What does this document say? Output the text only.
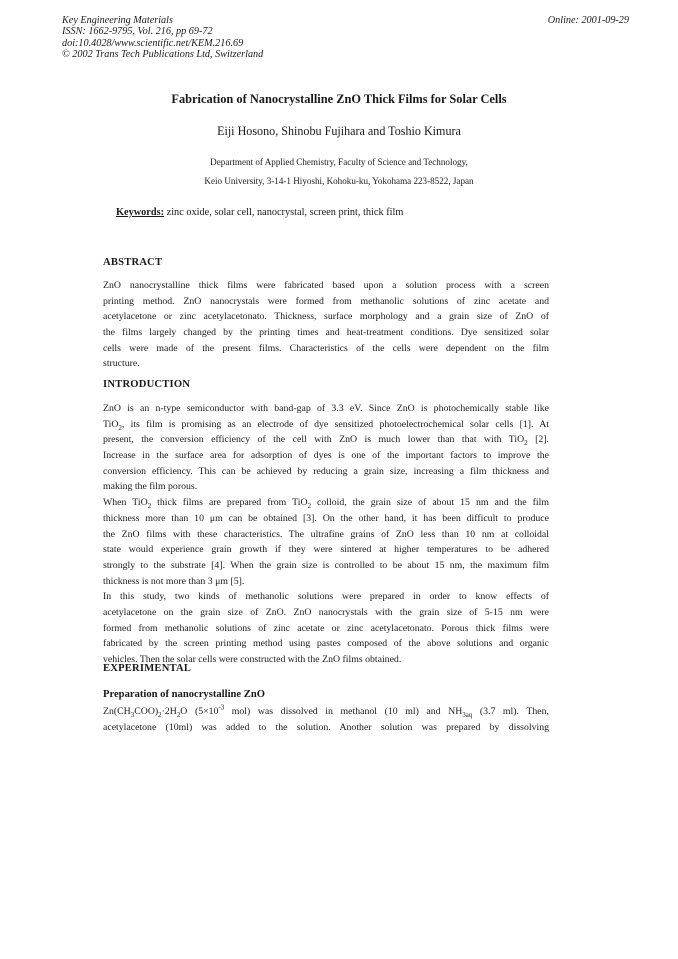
Key Engineering Materials
ISSN: 1662-9795, Vol. 216, pp 69-72
doi:10.4028/www.scientific.net/KEM.216.69
© 2002 Trans Tech Publications Ltd, Switzerland
Online: 2001-09-29
Fabrication of Nanocrystalline ZnO Thick Films for Solar Cells
Eiji Hosono, Shinobu Fujihara and Toshio Kimura
Department of Applied Chemistry, Faculty of Science and Technology,
Keio University, 3-14-1 Hiyoshi, Kohoku-ku, Yokohama 223-8522, Japan
Keywords: zinc oxide, solar cell, nanocrystal, screen print, thick film
ABSTRACT
ZnO nanocrystalline thick films were fabricated based upon a solution process with a screen
printing method. ZnO nanocrystals were formed from methanolic solutions of zinc acetate and
acetylacetone or zinc acetylacetonato. Thickness, surface morphology and a grain size of ZnO of
the films largely changed by the printing times and heat-treatment conditions. Dye sensitized solar
cells were made of the present films. Characteristics of the cells were dependent on the film
structure.
INTRODUCTION
ZnO is an n-type semiconductor with band-gap of 3.3 eV. Since ZnO is photochemically stable like
TiO$_2$, its film is promising as an electrode of dye sensitized photoelectrochemical solar cells [1]. At
present, the conversion efficiency of the cell with ZnO is much lower than that with TiO$_2$ [2].
Increase in the surface area for adsorption of dyes is one of the important factors to improve the
conversion efficiency. This can be achieved by reducing a grain size, increasing a film thickness and
making the film porous.
When TiO$_2$ thick films are prepared from TiO$_2$ colloid, the grain size of about 15 nm and the film
thickness more than 10 μm can be obtained [3]. On the other hand, it has been difficult to produce
the ZnO films with these characteristics. The ultrafine grains of ZnO less than 10 nm at colloidal
state would experience grain growth if they were sintered at higher temperatures to be adhered
strongly to the substrate [4]. When the grain size is controlled to be about 15 nm, the maximum film
thickness is not more than 3 μm [5].
In this study, two kinds of methanolic solutions were prepared in order to know effects of
acetylacetone on the grain size of ZnO. ZnO nanocrystals with the grain size of 5-15 nm were
formed from methanolic solutions of zinc acetate or zinc acetylacetonato. Porous thick films were
fabricated by the screen printing method using pastes composed of the above solutions and organic
vehicles. Then the solar cells were constructed with the ZnO films obtained.
EXPERIMENTAL
Preparation of nanocrystalline ZnO
$Zn(CH_3COO)_2\cdot 2H_2O$ ($5\times 10^{-3}$ mol) was dissolved in methanol (10 ml) and $NH_{3aq}$ (3.7 ml). Then,
acetylacetone (10ml) was added to the solution. Another solution was prepared by dissolving
